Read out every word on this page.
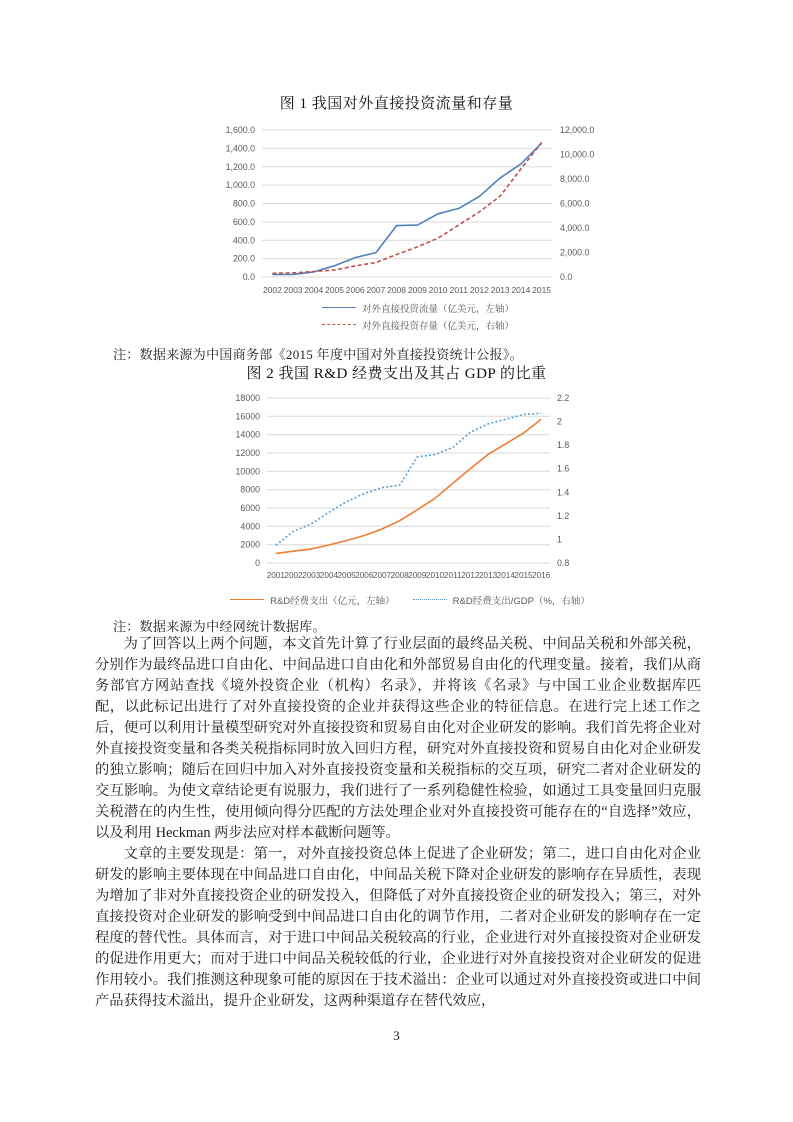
图 1 我国对外直接投资流量和存量
1,600.0
1,400.0
1,200.0
1,000.0
800.0
600.0
400.0
200.0
0.0
12,000.0
10,000.0
8,000.0
6,000.0
4,000.0
2,000.0
0.0
2002 2003 2004 2005 2006 2007 2008 2009 2010 2011 2012 2013 2014 2015
对外直接投资流量（亿美元，左轴）
对外直接投资存量（亿美元，右轴）
注：数据来源为中国商务部《2015 年度中国对外直接投资统计公报》。
图 2 我国 R&D 经费支出及其占 GDP 的比重
18000
16000
14000
12000
10000
8000
6000
4000
2000
0
2.2
2
1.8
1.6
1.4
1.2
1
0.8
2001 2002 2003 2004 2005 2006 2007 2008 2009 2010 2011 2012 2013 2014 2015 2016
R&D经费支出（亿元，左轴）	R&D经费支出/GDP（%，右轴）
注：数据来源为中经网统计数据库。

为了回答以上两个问题，本文首先计算了行业层面的最终品关税、中间品关税和外部关税，分别作为最终品进口自由化、中间品进口自由化和外部贸易自由化的代理变量。接着，我们从商务部官方网站查找《境外投资企业（机构）名录》，并将该《名录》与中国工业企业数据库匹配，以此标记出进行了对外直接投资的企业并获得这些企业的特征信息。在进行完上述工作之后，便可以利用计量模型研究对外直接投资和贸易自由化对企业研发的影响。我们首先将企业对外直接投资变量和各类关税指标同时放入回归方程，研究对外直接投资和贸易自由化对企业研发的独立影响；随后在回归中加入对外直接投资变量和关税指标的交互项，研究二者对企业研发的交互影响。为使文章结论更有说服力，我们进行了一系列稳健性检验，如通过工具变量回归克服关税潜在的内生性，使用倾向得分匹配的方法处理企业对外直接投资可能存在的“自选择”效应，以及利用 Heckman 两步法应对样本截断问题等。

文章的主要发现是：第一，对外直接投资总体上促进了企业研发；第二，进口自由化对企业研发的影响主要体现在中间品进口自由化，中间品关税下降对企业研发的影响存在异质性，表现为增加了非对外直接投资企业的研发投入，但降低了对外直接投资企业的研发投入；第三，对外直接投资对企业研发的影响受到中间品进口自由化的调节作用，二者对企业研发的影响存在一定程度的替代性。具体而言，对于进口中间品关税较高的行业，企业进行对外直接投资对企业研发的促进作用更大；而对于进口中间品关税较低的行业，企业进行对外直接投资对企业研发的促进作用较小。我们推测这种现象可能的原因在于技术溢出：企业可以通过对外直接投资或进口中间产品获得技术溢出，提升企业研发，这两种渠道存在替代效应，

3
